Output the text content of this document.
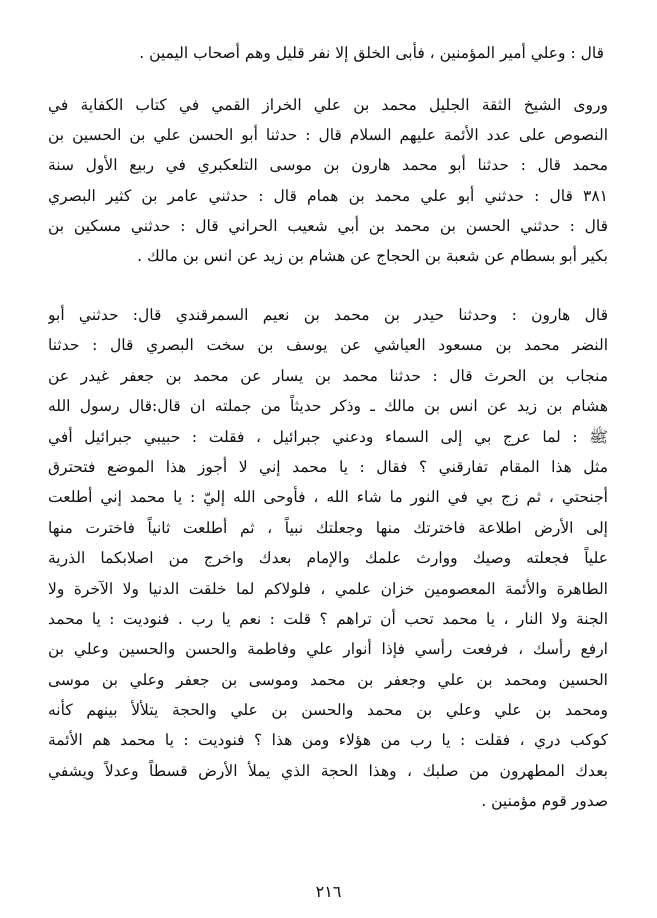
قال : وعلي أمير المؤمنين ، فأبى الخلق إلا نفر قليل وهم أصحاب اليمين .
وروى الشيخ الثقة الجليل محمد بن علي الخراز القمي في كتاب الكفاية في
النصوص على عدد الأئمة عليهم السلام قال : حدثنا أبو الحسن علي بن الحسين بن
محمد قال : حدثنا أبو محمد هارون بن موسى التلعكبري في ربيع الأول سنة
٣٨١ قال : حدثني أبو علي محمد بن همام قال : حدثني عامر بن كثير البصري
قال : حدثني الحسن بن محمد بن أبي شعيب الحراني قال : حدثني مسكين بن
بكير أبو بسطام عن شعبة بن الحجاج عن هشام بن زيد عن انس بن مالك .
قال هارون : وحدثنا حيدر بن محمد بن نعيم السمرقندي قال: حدثني أبو
النضر محمد بن مسعود العياشي عن يوسف بن سخت البصري قال : حدثنا
منجاب بن الحرث قال : حدثنا محمد بن يسار عن محمد بن جعفر غيدر عن
هشام بن زيد عن انس بن مالك ـ وذكر حديثاً من جملته ان قال:قال رسول الله
ﷺ : لما عرج بي إلى السماء ودعني جبرائيل ، فقلت : حبيبي جبرائيل أفي
مثل هذا المقام تفارقني ؟ فقال : يا محمد إني لا أجوز هذا الموضع فتحترق
أجنحتي ، ثم زج بي في النور ما شاء الله ، فأوحى الله إليّ : يا محمد إني أطلعت
إلى الأرض اطلاعة فاخترتك منها وجعلتك نبياً ، ثم أطلعت ثانياً فاخترت منها
علياً فجعلته وصيك ووارث علمك والإمام بعدك واخرج من اصلابكما الذرية
الطاهرة والأئمة المعصومين خزان علمي ، فلولاكم لما خلقت الدنيا ولا الآخرة ولا
الجنة ولا النار ، يا محمد تحب أن تراهم ؟ قلت : نعم يا رب . فنوديت : يا محمد
ارفع رأسك ، فرفعت رأسي فإذا أنوار علي وفاطمة والحسن والحسين وعلي بن
الحسين ومحمد بن علي وجعفر بن محمد وموسى بن جعفر وعلي بن موسى
ومحمد بن علي وعلي بن محمد والحسن بن علي والحجة يتلألأ بينهم كأنه
كوكب دري ، فقلت : يا رب من هؤلاء ومن هذا ؟ فنوديت : يا محمد هم الأئمة
بعدك المطهرون من صلبك ، وهذا الحجة الذي يملأ الأرض قسطاً وعدلاً ويشفي
صدور قوم مؤمنين .
٢١٦
